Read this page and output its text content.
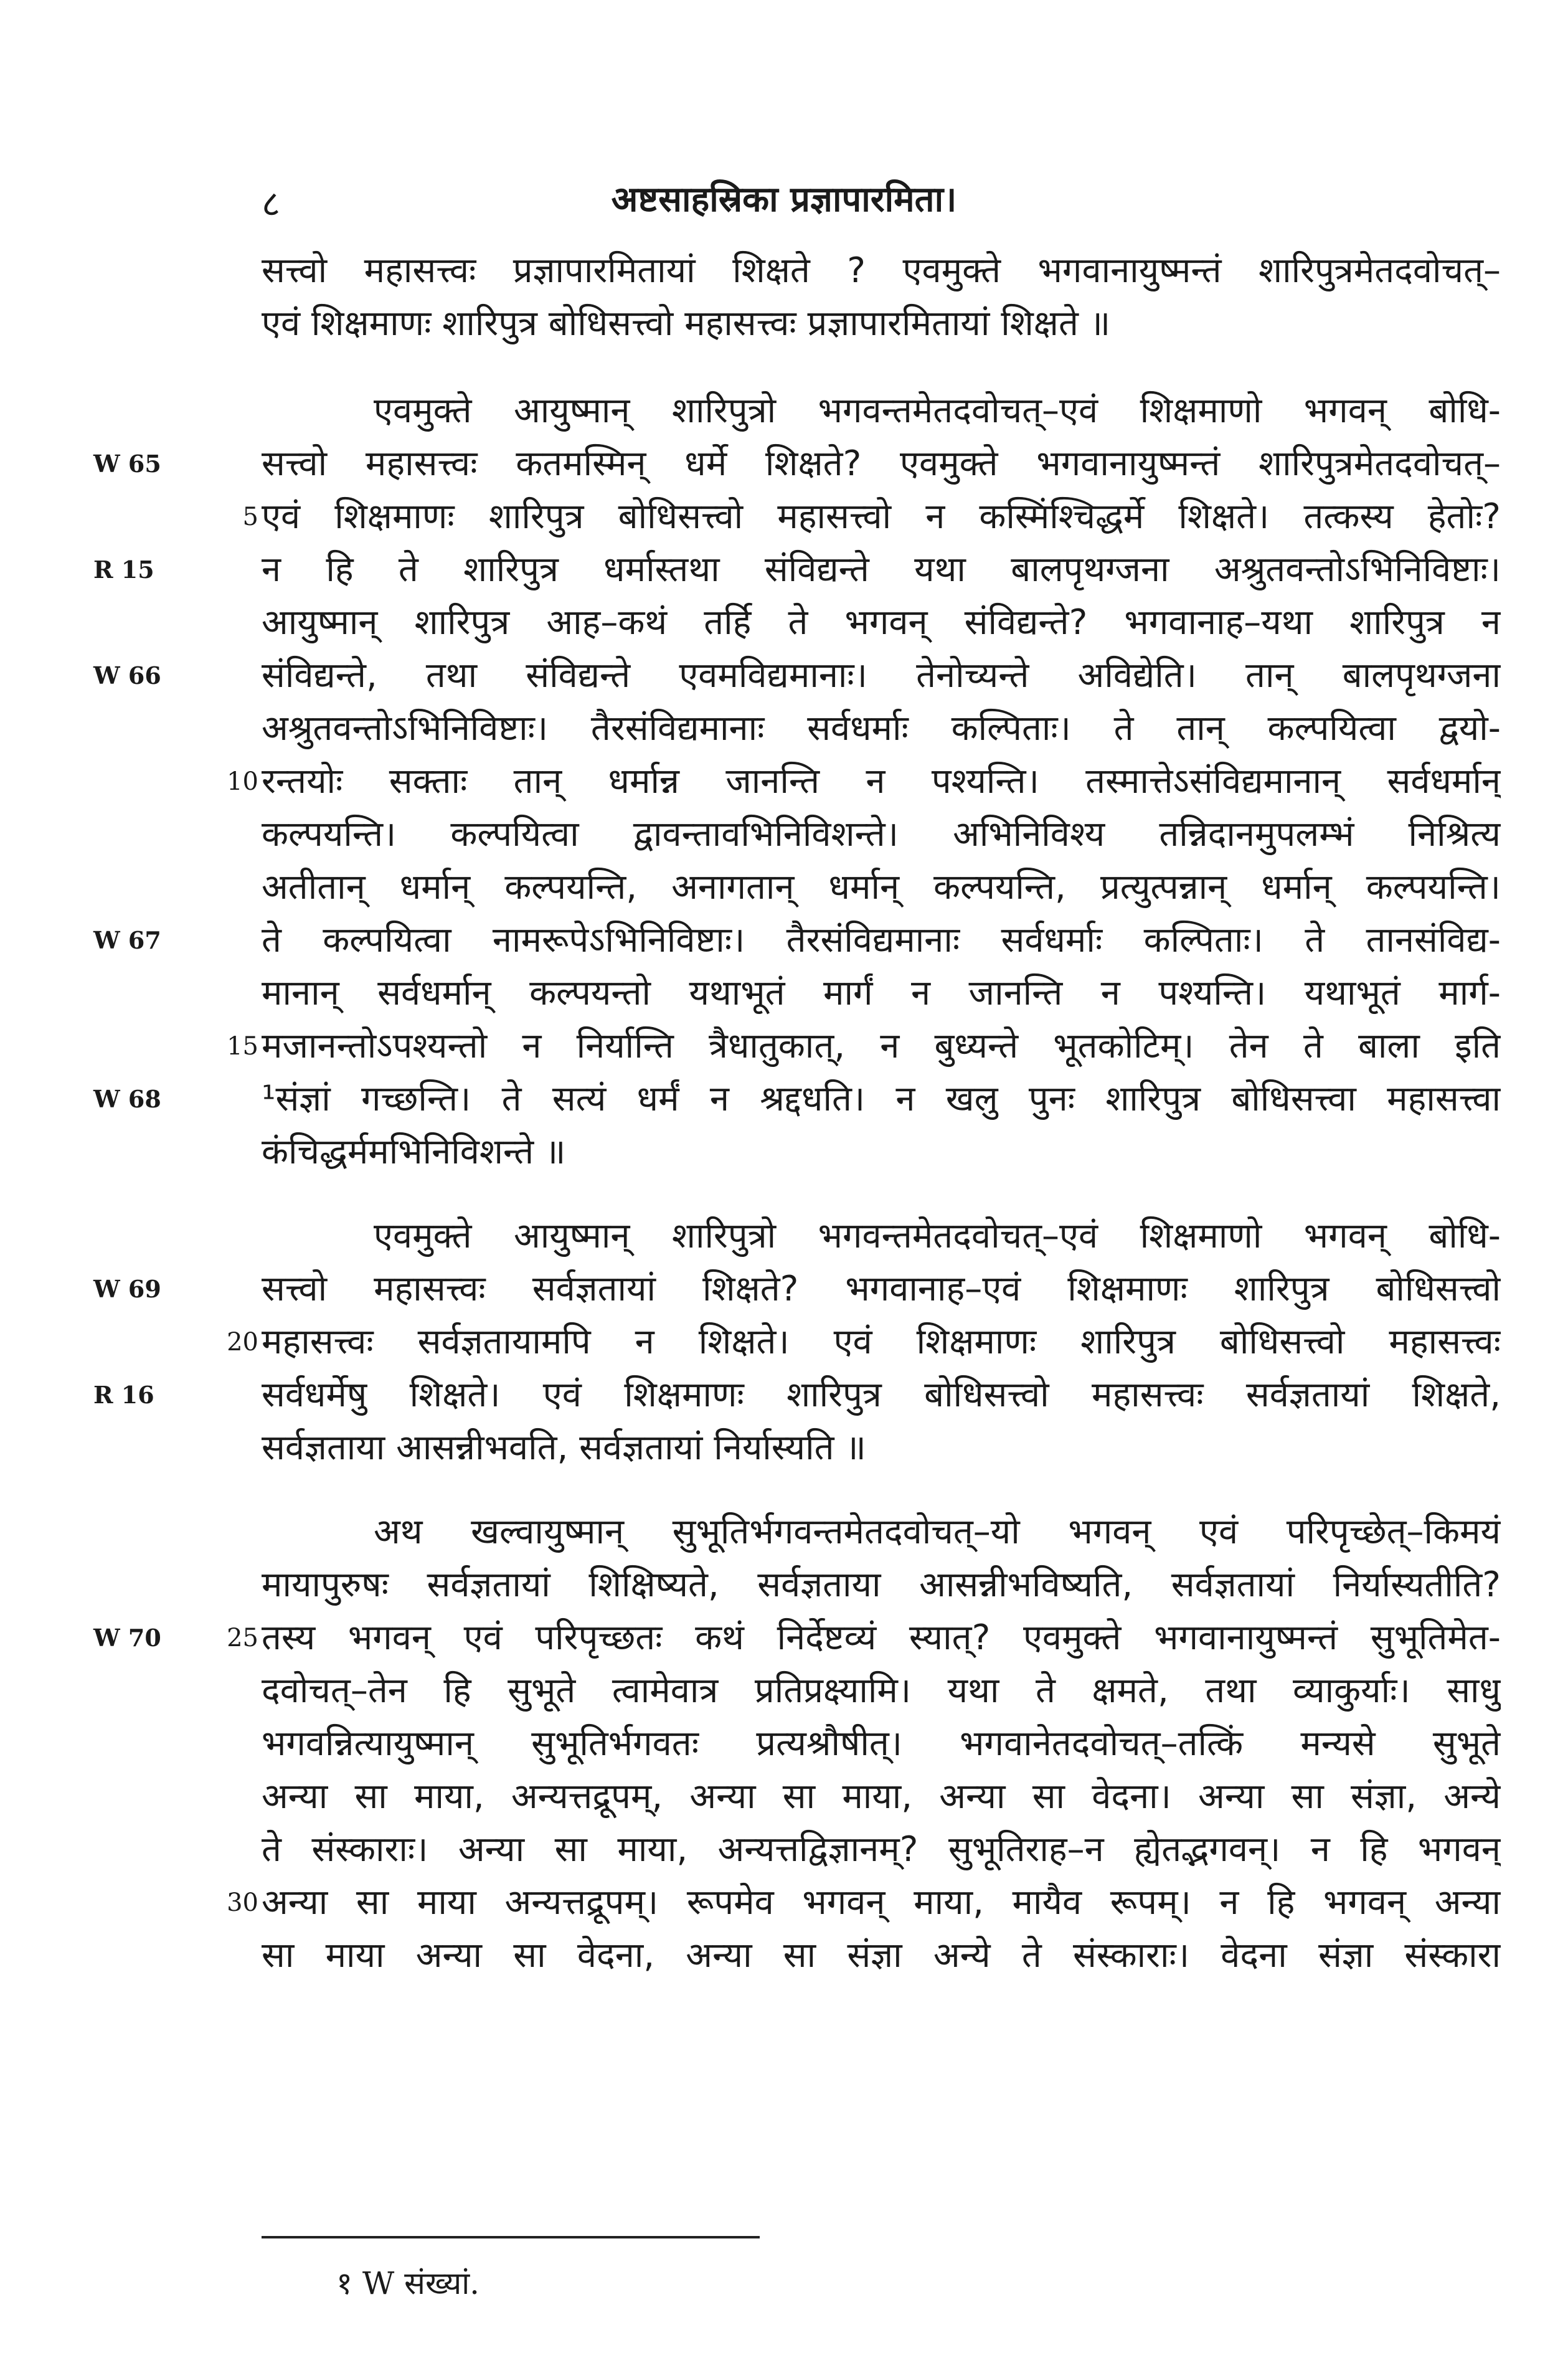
८	अष्टसाहस्रिका प्रज्ञापारमिता।
सत्त्वो महासत्त्वः प्रज्ञापारमितायां शिक्षते ? एवमुक्ते भगवानायुष्मन्तं शारिपुत्रमेतदवोचत्–
एवं शिक्षमाणः शारिपुत्र बोधिसत्त्वो महासत्त्वः प्रज्ञापारमितायां शिक्षते ॥
एवमुक्ते आयुष्मान् शारिपुत्रो भगवन्तमेतदवोचत्–एवं शिक्षमाणो भगवन् बोधि-
सत्त्वो महासत्त्वः कतमस्मिन् धर्मे शिक्षते? एवमुक्ते भगवानायुष्मन्तं शारिपुत्रमेतदवोचत्–
एवं शिक्षमाणः शारिपुत्र बोधिसत्त्वो महासत्त्वो न कस्मिंश्चिद्धर्मे शिक्षते। तत्कस्य हेतोः?
न हि ते शारिपुत्र धर्मास्तथा संविद्यन्ते यथा बालपृथग्जना अश्रुतवन्तोऽभिनिविष्टाः।
आयुष्मान् शारिपुत्र आह–कथं तर्हि ते भगवन् संविद्यन्ते? भगवानाह–यथा शारिपुत्र न
संविद्यन्ते, तथा संविद्यन्ते एवमविद्यमानाः। तेनोच्यन्ते अविद्येति। तान् बालपृथग्जना
अश्रुतवन्तोऽभिनिविष्टाः। तैरसंविद्यमानाः सर्वधर्माः कल्पिताः। ते तान् कल्पयित्वा द्वयो-
रन्तयोः सक्ताः तान् धर्मान्न जानन्ति न पश्यन्ति। तस्मात्तेऽसंविद्यमानान् सर्वधर्मान्
कल्पयन्ति। कल्पयित्वा द्वावन्तावभिनिविशन्ते। अभिनिविश्य तन्निदानमुपलम्भं निश्रित्य
अतीतान् धर्मान् कल्पयन्ति, अनागतान् धर्मान् कल्पयन्ति, प्रत्युत्पन्नान् धर्मान् कल्पयन्ति।
ते कल्पयित्वा नामरूपेऽभिनिविष्टाः। तैरसंविद्यमानाः सर्वधर्माः कल्पिताः। ते तानसंविद्य-
मानान् सर्वधर्मान् कल्पयन्तो यथाभूतं मार्गं न जानन्ति न पश्यन्ति। यथाभूतं मार्ग-
मजानन्तोऽपश्यन्तो न निर्यान्ति त्रैधातुकात्, न बुध्यन्ते भूतकोटिम्। तेन ते बाला इति
¹संज्ञां गच्छन्ति। ते सत्यं धर्मं न श्रद्दधति। न खलु पुनः शारिपुत्र बोधिसत्त्वा महासत्त्वा
कंचिद्धर्ममभिनिविशन्ते ॥
एवमुक्ते आयुष्मान् शारिपुत्रो भगवन्तमेतदवोचत्–एवं शिक्षमाणो भगवन् बोधि-
सत्त्वो महासत्त्वः सर्वज्ञतायां शिक्षते? भगवानाह–एवं शिक्षमाणः शारिपुत्र बोधिसत्त्वो
महासत्त्वः सर्वज्ञतायामपि न शिक्षते। एवं शिक्षमाणः शारिपुत्र बोधिसत्त्वो महासत्त्वः
सर्वधर्मेषु शिक्षते। एवं शिक्षमाणः शारिपुत्र बोधिसत्त्वो महासत्त्वः सर्वज्ञतायां शिक्षते,
सर्वज्ञताया आसन्नीभवति, सर्वज्ञतायां निर्यास्यति ॥
अथ खल्वायुष्मान् सुभूतिर्भगवन्तमेतदवोचत्–यो भगवन् एवं परिपृच्छेत्–किमयं
मायापुरुषः सर्वज्ञतायां शिक्षिष्यते, सर्वज्ञताया आसन्नीभविष्यति, सर्वज्ञतायां निर्यास्यतीति?
तस्य भगवन् एवं परिपृच्छतः कथं निर्देष्टव्यं स्यात्? एवमुक्ते भगवानायुष्मन्तं सुभूतिमेत-
दवोचत्–तेन हि सुभूते त्वामेवात्र प्रतिप्रक्ष्यामि। यथा ते क्षमते, तथा व्याकुर्याः। साधु
भगवन्नित्यायुष्मान् सुभूतिर्भगवतः प्रत्यश्रौषीत्। भगवानेतदवोचत्–तत्किं मन्यसे सुभूते
अन्या सा माया, अन्यत्तद्रूपम्, अन्या सा माया, अन्या सा वेदना। अन्या सा संज्ञा, अन्ये
ते संस्काराः। अन्या सा माया, अन्यत्तद्विज्ञानम्? सुभूतिराह–न ह्येतद्भगवन्। न हि भगवन्
अन्या सा माया अन्यत्तद्रूपम्। रूपमेव भगवन् माया, मायैव रूपम्। न हि भगवन् अन्या
सा माया अन्या सा वेदना, अन्या सा संज्ञा अन्ये ते संस्काराः। वेदना संज्ञा संस्कारा
5
10
15
20
25
30
W 65
R 15
W 66
W 67
W 68
W 69
R 16
W 70
१ W संख्यां.
